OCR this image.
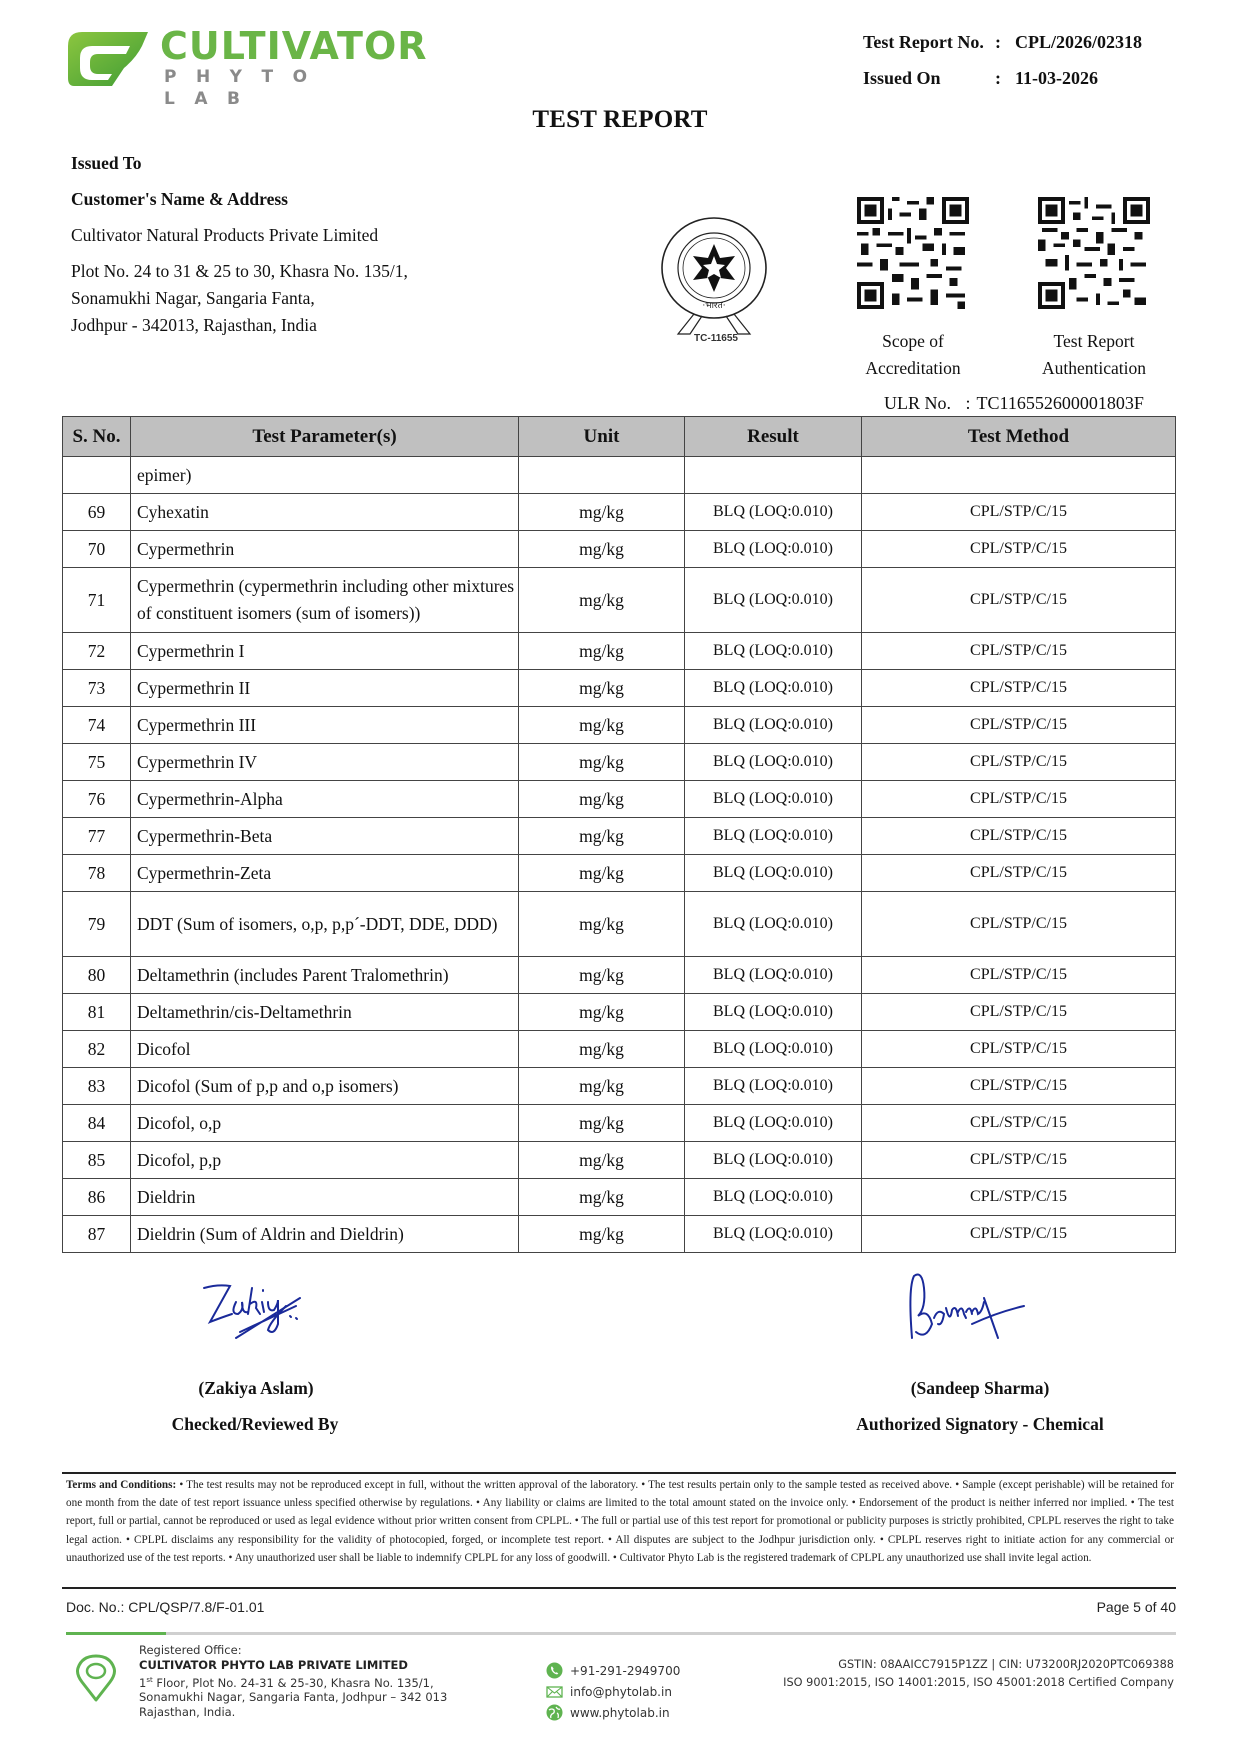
CULTIVATOR
PHYTO LAB
Test Report No. : CPL/2026/02318
Issued On	: 11-03-2026
TEST REPORT
Issued To
Customer's Name & Address
Cultivator Natural Products Private Limited
Plot No. 24 to 31 & 25 to 30, Khasra No. 135/1,
Sonamukhi Nagar, Sangaria Fanta,
Jodhpur - 342013, Rajasthan, India
·भारत·
TC-11655	Scope of
Accreditation
Test Report
Authentication
ULR No. : TC116552600001803F
S. No.	Test Parameter(s)	Unit	Result	Test Method
	epimer)			
69	Cyhexatin	mg/kg	BLQ (LOQ:0.010)	CPL/STP/C/15
70	Cypermethrin	mg/kg	BLQ (LOQ:0.010)	CPL/STP/C/15
71	Cypermethrin (cypermethrin including other mixtures of constituent isomers (sum of isomers))	mg/kg	BLQ (LOQ:0.010)	CPL/STP/C/15
72	Cypermethrin I	mg/kg	BLQ (LOQ:0.010)	CPL/STP/C/15
73	Cypermethrin II	mg/kg	BLQ (LOQ:0.010)	CPL/STP/C/15
74	Cypermethrin III	mg/kg	BLQ (LOQ:0.010)	CPL/STP/C/15
75	Cypermethrin IV	mg/kg	BLQ (LOQ:0.010)	CPL/STP/C/15
76	Cypermethrin-Alpha	mg/kg	BLQ (LOQ:0.010)	CPL/STP/C/15
77	Cypermethrin-Beta	mg/kg	BLQ (LOQ:0.010)	CPL/STP/C/15
78	Cypermethrin-Zeta	mg/kg	BLQ (LOQ:0.010)	CPL/STP/C/15
79	DDT (Sum of isomers, o,p, p,p´-DDT, DDE, DDD)	mg/kg	BLQ (LOQ:0.010)	CPL/STP/C/15
80	Deltamethrin (includes Parent Tralomethrin)	mg/kg	BLQ (LOQ:0.010)	CPL/STP/C/15
81	Deltamethrin/cis-Deltamethrin	mg/kg	BLQ (LOQ:0.010)	CPL/STP/C/15
82	Dicofol	mg/kg	BLQ (LOQ:0.010)	CPL/STP/C/15
83	Dicofol (Sum of p,p and o,p isomers)	mg/kg	BLQ (LOQ:0.010)	CPL/STP/C/15
84	Dicofol, o,p	mg/kg	BLQ (LOQ:0.010)	CPL/STP/C/15
85	Dicofol, p,p	mg/kg	BLQ (LOQ:0.010)	CPL/STP/C/15
86	Dieldrin	mg/kg	BLQ (LOQ:0.010)	CPL/STP/C/15
87	Dieldrin (Sum of Aldrin and Dieldrin)	mg/kg	BLQ (LOQ:0.010)	CPL/STP/C/15
(Zakiya Aslam)
Checked/Reviewed By
(Sandeep Sharma)
Authorized Signatory - Chemical
Terms and Conditions: • The test results may not be reproduced except in full, without the written approval of the laboratory. • The test results pertain only to the sample tested as received above. • Sample (except perishable) will be retained for one month from the date of test report issuance unless specified otherwise by regulations. • Any liability or claims are limited to the total amount stated on the invoice only. • Endorsement of the product is neither inferred nor implied. • The test report, full or partial, cannot be reproduced or used as legal evidence without prior written consent from CPLPL. • The full or partial use of this test report for promotional or publicity purposes is strictly prohibited, CPLPL reserves the right to take legal action. • CPLPL disclaims any responsibility for the validity of photocopied, forged, or incomplete test report. • All disputes are subject to the Jodhpur jurisdiction only. • CPLPL reserves right to initiate action for any commercial or unauthorized use of the test reports. • Any unauthorized user shall be liable to indemnify CPLPL for any loss of goodwill. • Cultivator Phyto Lab is the registered trademark of CPLPL any unauthorized use shall invite legal action.
Doc. No.: CPL/QSP/7.8/F-01.01	Page 5 of 40
Registered Office:
CULTIVATOR PHYTO LAB PRIVATE LIMITED
1st Floor, Plot No. 24-31 & 25-30, Khasra No. 135/1,
Sonamukhi Nagar, Sangaria Fanta, Jodhpur – 342 013
Rajasthan, India.
+91-291-2949700
info@phytolab.in
www.phytolab.in
GSTIN: 08AAICC7915P1ZZ | CIN: U73200RJ2020PTC069388
ISO 9001:2015, ISO 14001:2015, ISO 45001:2018 Certified Company
